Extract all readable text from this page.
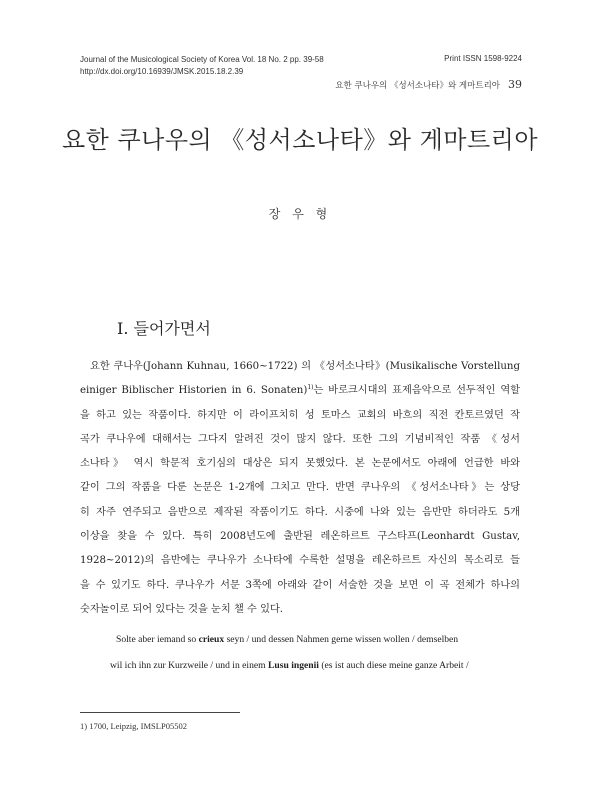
Journal of the Musicological Society of Korea Vol. 18 No. 2 pp. 39-58
http://dx.doi.org/10.16939/JMSK.2015.18.2.39
Print ISSN 1598-9224
요한 쿠나우의 《성서소나타》와 게마트리아 39
요한 쿠나우의 《성서소나타》와 게마트리아
장 우 형
I. 들어가면서
요한 쿠나우(Johann Kuhnau, 1660~1722) 의 《성서소나타》(Musikalische Vorstellung
einiger Biblischer Historien in 6. Sonaten)$^{1)}$는 바로크시대의 표제음악으로 선두적인 역할
을 하고 있는 작품이다. 하지만 이 라이프치히 성 토마스 교회의 바흐의 직전 칸토르였던 작
곡가 쿠나우에 대해서는 그다지 알려진 것이 많지 않다. 또한 그의 기념비적인 작품 《성서
소나타》 역시 학문적 호기심의 대상은 되지 못했었다. 본 논문에서도 아래에 언급한 바와
같이 그의 작품을 다룬 논문은 1-2개에 그치고 만다. 반면 쿠나우의 《성서소나타》는 상당
히 자주 연주되고 음반으로 제작된 작품이기도 하다. 시중에 나와 있는 음반만 하더라도 5개
이상을 찾을 수 있다. 특히 2008년도에 출반된 레온하르트 구스타프(Leonhardt Gustav,
1928~2012)의 음반에는 쿠나우가 소나타에 수록한 설명을 레온하르트 자신의 목소리로 들
을 수 있기도 하다. 쿠나우가 서문 3쪽에 아래와 같이 서술한 것을 보면 이 곡 전체가 하나의
숫자놀이로 되어 있다는 것을 눈치 챌 수 있다.
Solte aber iemand so crieux seyn / und dessen Nahmen gerne wissen wollen / demselben
wil ich ihn zur Kurzweile / und in einem Lusu ingenii (es ist auch diese meine ganze Arbeit /
1) 1700, Leipzig, IMSLP05502
